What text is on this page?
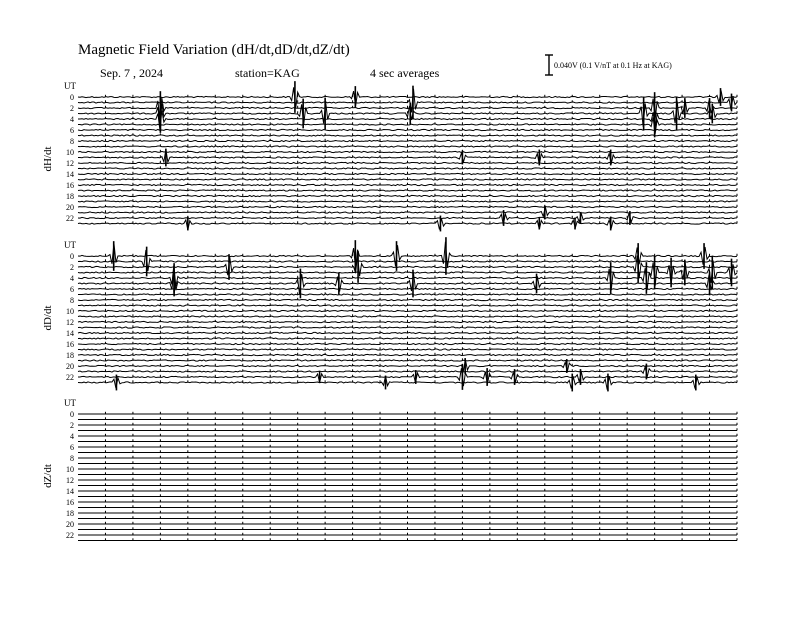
Magnetic Field Variation (dH/dt,dD/dt,dZ/dt)
Sep. 7 , 2024	station=KAG	4 sec averages
0.040V (0.1 V/nT at 0.1 Hz at KAG)
UT
dH/dt
0
2
4
6
8
10
12
14
16
18
20
22
UT
dD/dt
0
2
4
6
8
10
12
14
16
18
20
22
UT
dZ/dt
0
2
4
6
8
10
12
14
16
18
20
22
